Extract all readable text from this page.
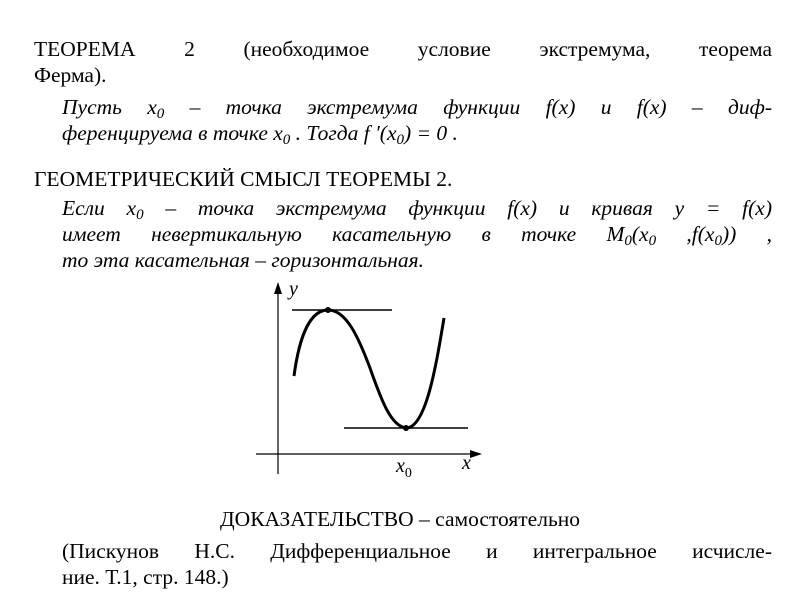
ТЕОРЕМА 2 (необходимое условие экстремума, теорема
Ферма).
Пусть $x_0$ – точка экстремума функции f(x) и f(x) – диф-
ференцируема в точке $x_0$ . Тогда f $'(x_0) = 0$ .
ГЕОМЕТРИЧЕСКИЙ СМЫСЛ ТЕОРЕМЫ 2.
Если $x_0$ – точка экстремума функции f(x) и кривая y = f(x)
имеет невертикальную касательную в точке $M_0(x_0$ $,f(x_0)$) ,
то эта касательная – горизонтальная.
y
x
$x_0$
ДОКАЗАТЕЛЬСТВО – самостоятельно
(Пискунов Н.С. Дифференциальное и интегральное исчисле-
ние. Т.1, стр. 148.)
